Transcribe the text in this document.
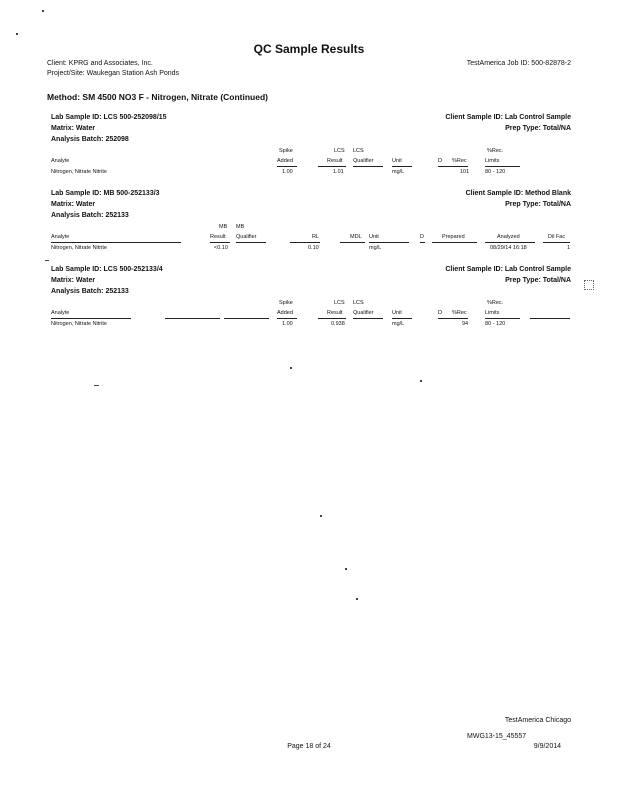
QC Sample Results
Client: KPRG and Associates, Inc.
Project/Site: Waukegan Station Ash Ponds
TestAmerica Job ID: 500-82878-2
Method: SM 4500 NO3 F - Nitrogen, Nitrate (Continued)
Lab Sample ID: LCS 500-252098/15	Client Sample ID: Lab Control Sample
Matrix: Water	Prep Type: Total/NA
Analysis Batch: 252098
Spike	LCS LCS	%Rec.
Analyte	Added	Result Qualifier	Unit	D %Rec	Limits
Nitrogen, Nitrate Nitrite	1.00	1.01	mg/L	101	80 - 120
Lab Sample ID: MB 500-252133/3	Client Sample ID: Method Blank
Matrix: Water	Prep Type: Total/NA
Analysis Batch: 252133
MB MB
Analyte	Result Qualifier	RL	MDL Unit	D	Prepared	Analyzed	Dil Fac
Nitrogen, Nitrate Nitrite	<0.10	0.10	mg/L	08/29/14 16:18	1
Lab Sample ID: LCS 500-252133/4	Client Sample ID: Lab Control Sample
Matrix: Water	Prep Type: Total/NA
Analysis Batch: 252133
Spike	LCS LCS	%Rec.
Analyte	Added	Result Qualifier	Unit	D %Rec	Limits
Nitrogen, Nitrate Nitrite	1.00	0.938	mg/L	94	80 - 120
TestAmerica Chicago
Page 18 of 24
MWG13-15_45557
9/9/2014
